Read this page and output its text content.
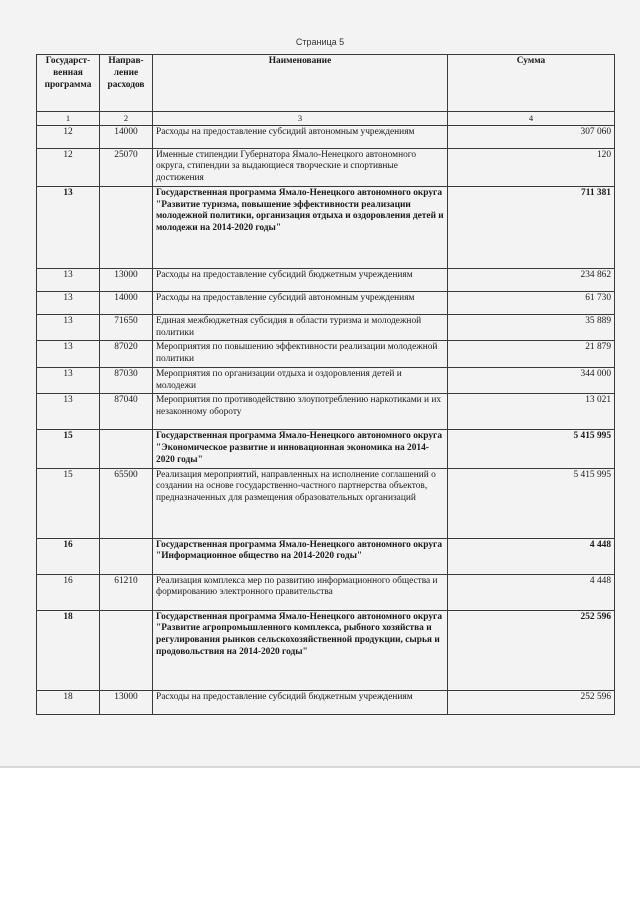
Страница 5
Государст-венная программа	Направ-ление расходов	Наименование	Сумма
1	2	3	4
12	14000	Расходы на предоставление субсидий автономным учреждениям	307 060
12	25070	Именные стипендии Губернатора Ямало-Ненецкого автономного округа, стипендии за выдающиеся творческие и спортивные достижения	120
13		Государственная программа Ямало-Ненецкого автономного округа "Развитие туризма, повышение эффективности реализации молодежной политики, организация отдыха и оздоровления детей и молодежи на 2014-2020 годы"	711 381
13	13000	Расходы на предоставление субсидий бюджетным учреждениям	234 862
13	14000	Расходы на предоставление субсидий автономным учреждениям	61 730
13	71650	Единая межбюджетная субсидия в области туризма и молодежной политики	35 889
13	87020	Мероприятия по повышению эффективности реализации молодежной политики	21 879
13	87030	Мероприятия по организации отдыха и оздоровления детей и молодежи	344 000
13	87040	Мероприятия по противодействию злоупотреблению наркотиками и их незаконному обороту	13 021
15		Государственная программа Ямало-Ненецкого автономного округа "Экономическое развитие и инновационная экономика на 2014-2020 годы"	5 415 995
15	65500	Реализация мероприятий, направленных на исполнение соглашений о создании на основе государственно-частного партнерства объектов, предназначенных для размещения образовательных организаций	5 415 995
16		Государственная программа Ямало-Ненецкого автономного округа "Информационное общество на 2014-2020 годы"	4 448
16	61210	Реализация комплекса мер по развитию информационного общества и формированию электронного правительства	4 448
18		Государственная программа Ямало-Ненецкого автономного округа "Развитие агропромышленного комплекса, рыбного хозяйства и регулирования рынков сельскохозяйственной продукции, сырья и продовольствия на 2014-2020 годы"	252 596
18	13000	Расходы на предоставление субсидий бюджетным учреждениям	252 596
